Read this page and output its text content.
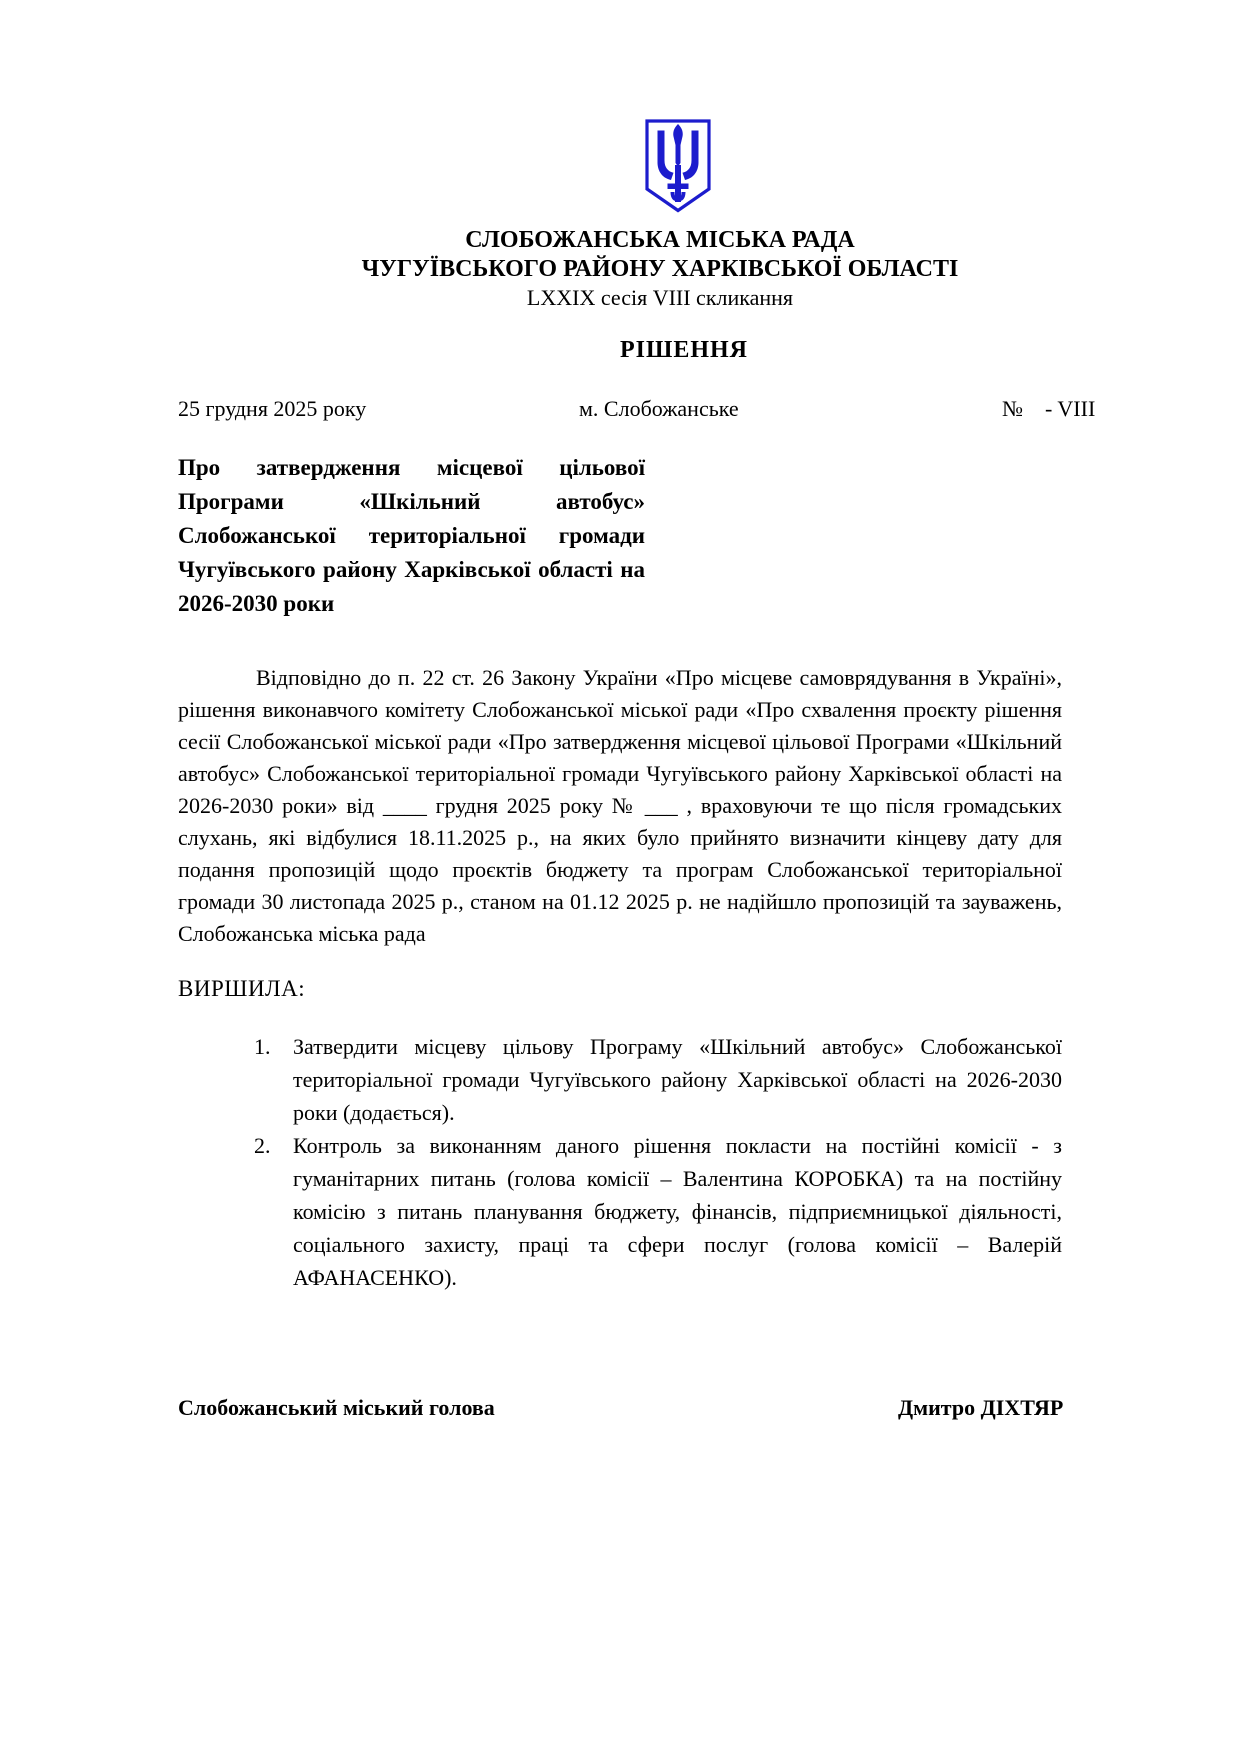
СЛОБОЖАНСЬКА МІСЬКА РАДА
ЧУГУЇВСЬКОГО РАЙОНУ ХАРКІВСЬКОЇ ОБЛАСТІ
LXXIX сесія VIII скликання
РІШЕННЯ
25 грудня 2025 року	м. Слобожанське	№    - VIII
Про затвердження місцевої цільової Програми «Шкільний автобус» Слобожанської територіальної громади Чугуївського району Харківської області на 2026-2030 роки

Відповідно до п. 22 ст. 26 Закону України «Про місцеве самоврядування в Україні», рішення виконавчого комітету Слобожанської міської ради «Про схвалення проєкту рішення сесії Слобожанської міської ради «Про затвердження місцевої цільової Програми «Шкільний автобус» Слобожанської територіальної громади Чугуївського району Харківської області на 2026-2030 роки» від ____ грудня 2025 року № ___ , враховуючи те що після громадських слухань, які відбулися 18.11.2025 р., на яких було прийнято визначити кінцеву дату для подання пропозицій щодо проєктів бюджету та програм Слобожанської територіальної громади 30 листопада 2025 р., станом на 01.12 2025 р. не надійшло пропозицій та зауважень, Слобожанська міська рада

ВИРШИЛА:
1. Затвердити місцеву цільову Програму «Шкільний автобус» Слобожанської територіальної громади Чугуївського району Харківської області на 2026-2030 роки (додається).
2. Контроль за виконанням даного рішення покласти на постійні комісії - з гуманітарних питань (голова комісії – Валентина КОРОБКА) та на постійну комісію з питань планування бюджету, фінансів, підприємницької діяльності, соціального захисту, праці та сфери послуг (голова комісії – Валерій АФАНАСЕНКО).
Слобожанський міський голова	Дмитро ДІХТЯР
